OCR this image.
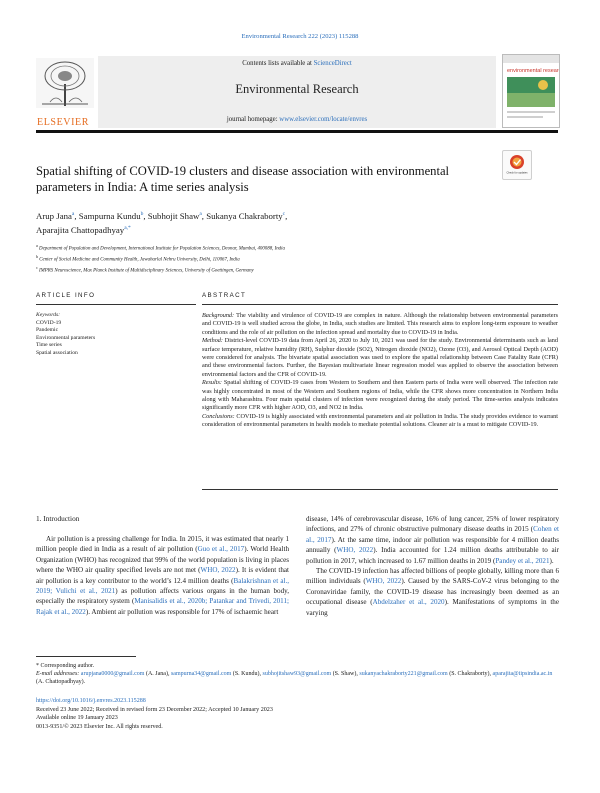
Environmental Research 222 (2023) 115288
ELSEVIER
Contents lists available at ScienceDirect
Environmental Research
journal homepage: www.elsevier.com/locate/envres
environmental research
Check for updates
Spatial shifting of COVID-19 clusters and disease association with environmental parameters in India: A time series analysis
Arup Jana$^a$, Sampurna Kundu$^b$, Subhojit Shaw$^a$, Sukanya Chakraborty$^c$,
Aparajita Chattopadhyay$^{a,*}$
$^a$ Department of Population and Development, International Institute for Population Sciences, Deonar, Mumbai, 400088, India
$^b$ Center of Social Medicine and Community Health, Jawaharlal Nehru University, Delhi, 110067, India
$^c$ IMPRS Neuroscience, Max Planck Institute of Multidisciplinary Sciences, University of Goettingen, Germany
ARTICLE INFO	ABSTRACT
Keywords:
COVID-19
Pandemic
Environmental parameters
Time series
Spatial association

Background: The viability and virulence of COVID-19 are complex in nature. Although the relationship between environmental parameters and COVID-19 is well studied across the globe, in India, such studies are limited. This research aims to explore long-term exposure to weather conditions and the role of air pollution on the infection spread and mortality due to COVID-19 in India.

Method: District-level COVID-19 data from April 26, 2020 to July 10, 2021 was used for the study. Environmental determinants such as land surface temperature, relative humidity (RH), Sulphur dioxide (SO2), Nitrogen dioxide (NO2), Ozone (O3), and Aerosol Optical Depth (AOD) were considered for analysis. The bivariate spatial association was used to explore the spatial relationship between Case Fatality Rate (CFR) and these environmental factors. Further, the Bayesian multivariate linear regression model was applied to observe the association between environmental factors and the CFR of COVID-19.

Results: Spatial shifting of COVID-19 cases from Western to Southern and then Eastern parts of India were well observed. The infection rate was highly concentrated in most of the Western and Southern regions of India, while the CFR shows more concentration in Northern India along with Maharashtra. Four main spatial clusters of infection were recognized during the study period. The time-series analysis indicates significantly more CFR with higher AOD, O3, and NO2 in India.

Conclusions: COVID-19 is highly associated with environmental parameters and air pollution in India. The study provides evidence to warrant consideration of environmental parameters in health models to mediate potential solutions. Cleaner air is a must to mitigate COVID-19.

1. Introduction

Air pollution is a pressing challenge for India. In 2015, it was estimated that nearly 1 million people died in India as a result of air pollution (Guo et al., 2017). World Health Organization (WHO) has recognized that 99% of the world population is living in places where the WHO air quality specified levels are not met (WHO, 2022). It is evident that air pollution is a key contributor to the world’s 12.4 million deaths (Balakrishnan et al., 2019; Vulichi et al., 2021) as pollution affects various organs in the human body, especially the respiratory system (Manisalidis et al., 2020b; Patankar and Trivedi, 2011; Rajak et al., 2022). Ambient air pollution was responsible for 17% of ischaemic heart

disease, 14% of cerebrovascular disease, 16% of lung cancer, 25% of lower respiratory infections, and 27% of chronic obstructive pulmonary disease deaths in 2015 (Cohen et al., 2017). At the same time, indoor air pollution was responsible for 4 million deaths annually (WHO, 2022). India accounted for 1.24 million deaths attributable to air pollution in 2017, which increased to 1.67 million deaths in 2019 (Pandey et al., 2021).

The COVID-19 infection has affected billions of people globally, killing more than 6 million individuals (WHO, 2022). Caused by the SARS-CoV-2 virus belonging to the Coronaviridae family, the COVID-19 disease has increasingly been deemed as an occupational disease (Abdelzaher et al., 2020). Manifestations of symptoms in the varying

* Corresponding author.

E-mail addresses: arupjana0000@gmail.com (A. Jana), sampurna34@gmail.com (S. Kundu), subhojitshaw93@gmail.com (S. Shaw), sukanyachakraborty221@gmail.com (S. Chakraborty), aparajita@iipsindia.ac.in (A. Chattopadhyay).

https://doi.org/10.1016/j.envres.2023.115288

Received 23 June 2022; Received in revised form 23 December 2022; Accepted 10 January 2023

Available online 19 January 2023

0013-9351/© 2023 Elsevier Inc. All rights reserved.
